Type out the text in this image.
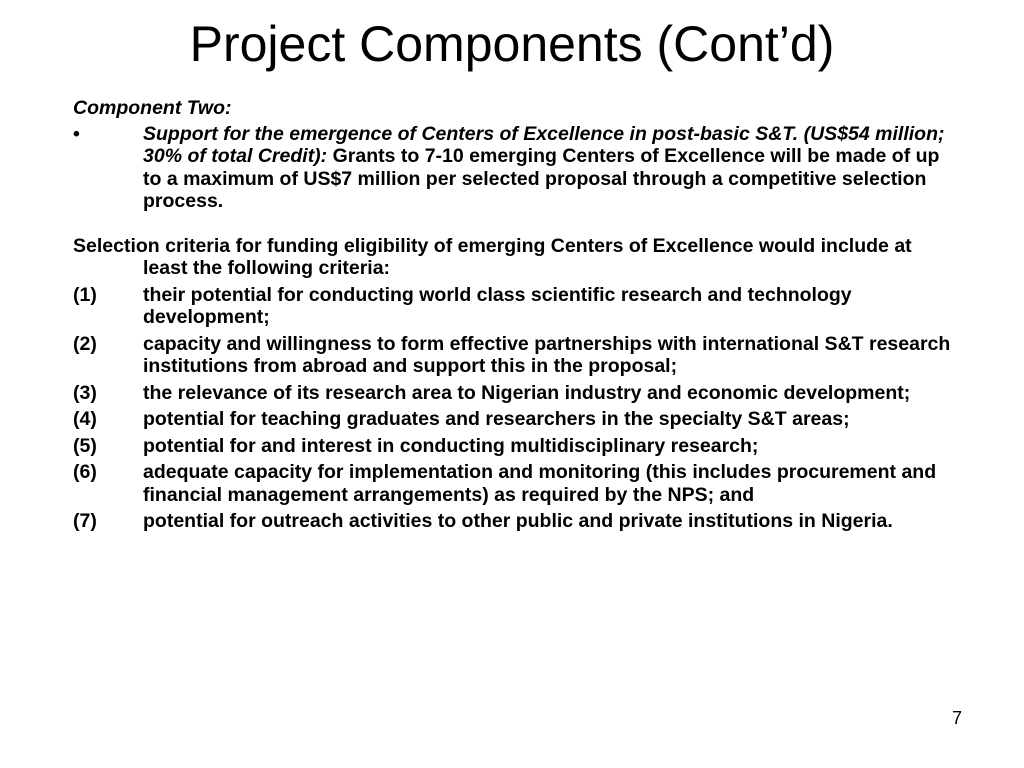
Project Components (Cont’d)
Component Two:
•	Support for the emergence of Centers of Excellence in post-basic S&T. (US$54 million; 30% of total Credit): Grants to 7-10 emerging Centers of Excellence will be made of up to a maximum of US$7 million per selected proposal through a competitive selection process.
Selection criteria for funding eligibility of emerging Centers of Excellence would include at least the following criteria:
(1)	their potential for conducting world class scientific research and technology development;
(2)	capacity and willingness to form effective partnerships with international S&T research institutions from abroad and support this in the proposal;
(3)	the relevance of its research area to Nigerian industry and economic development;
(4)	potential for teaching graduates and researchers in the specialty S&T areas;
(5)	potential for and interest in conducting multidisciplinary research;
(6)	adequate capacity for implementation and monitoring (this includes procurement and financial management arrangements) as required by the NPS; and
(7)	potential for outreach activities to other public and private institutions in Nigeria.
7
